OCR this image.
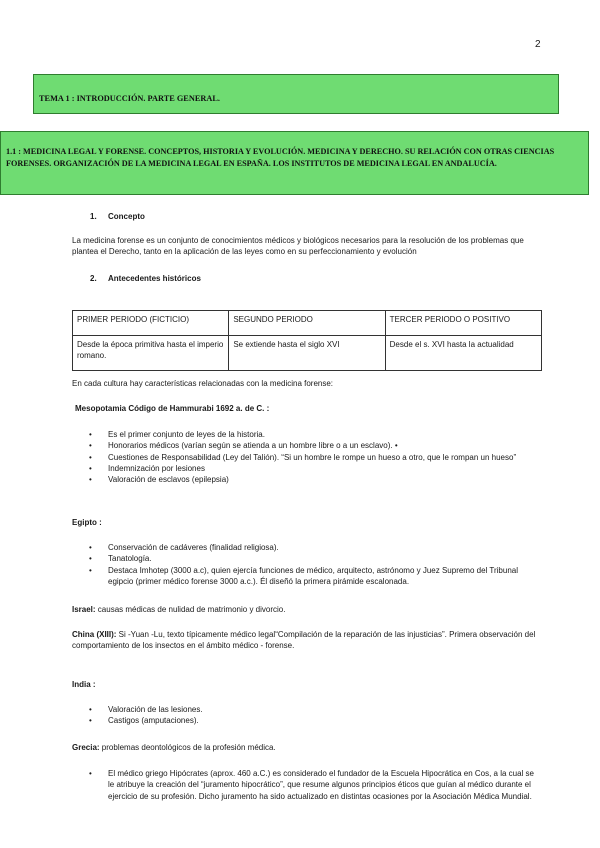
2
TEMA 1 : INTRODUCCIÓN. PARTE GENERAL.
1.1 : MEDICINA LEGAL Y FORENSE. CONCEPTOS, HISTORIA Y EVOLUCIÓN. MEDICINA Y DERECHO. SU RELACIÓN CON OTRAS CIENCIAS FORENSES. ORGANIZACIÓN DE LA MEDICINA LEGAL EN ESPAÑA. LOS INSTITUTOS DE MEDICINA LEGAL EN ANDALUCÍA.
1. Concepto
La medicina forense es un conjunto de conocimientos médicos y biológicos necesarios para la resolución de los problemas que plantea el Derecho, tanto en la aplicación de las leyes como en su perfeccionamiento y evolución
2. Antecedentes históricos
PRIMER PERIODO (FICTICIO)	SEGUNDO PERIODO	TERCER PERIODO O POSITIVO
Desde la época primitiva hasta el imperio romano.	Se extiende hasta el siglo XVI	Desde el s. XVI hasta la actualidad
En cada cultura hay características relacionadas con la medicina forense:
Mesopotamia Código de Hammurabi 1692 a. de C. :
• Es el primer conjunto de leyes de la historia.
• Honorarios médicos (varían según se atienda a un hombre libre o a un esclavo). •
• Cuestiones de Responsabilidad (Ley del Talión). “Si un hombre le rompe un hueso a otro, que le rompan un hueso”
• Indemnización por lesiones
• Valoración de esclavos (epilepsia)
Egipto :
• Conservación de cadáveres (finalidad religiosa).
• Tanatología.
• Destaca Imhotep (3000 a.c), quien ejercía funciones de médico, arquitecto, astrónomo y Juez Supremo del Tribunal egipcio (primer médico forense 3000 a.c.). Él diseñó la primera pirámide escalonada.
Israel: causas médicas de nulidad de matrimonio y divorcio.
China (XIII): Si -Yuan -Lu, texto típicamente médico legal“Compilación de la reparación de las injusticias”. Primera observación del comportamiento de los insectos en el ámbito médico - forense.
India :
• Valoración de las lesiones.
• Castigos (amputaciones).
Grecia: problemas deontológicos de la profesión médica.
• El médico griego Hipócrates (aprox. 460 a.C.) es considerado el fundador de la Escuela Hipocrática en Cos, a la cual se le atribuye la creación del “juramento hipocrático”, que resume algunos principios éticos que guían al médico durante el ejercicio de su profesión. Dicho juramento ha sido actualizado en distintas ocasiones por la Asociación Médica Mundial.
